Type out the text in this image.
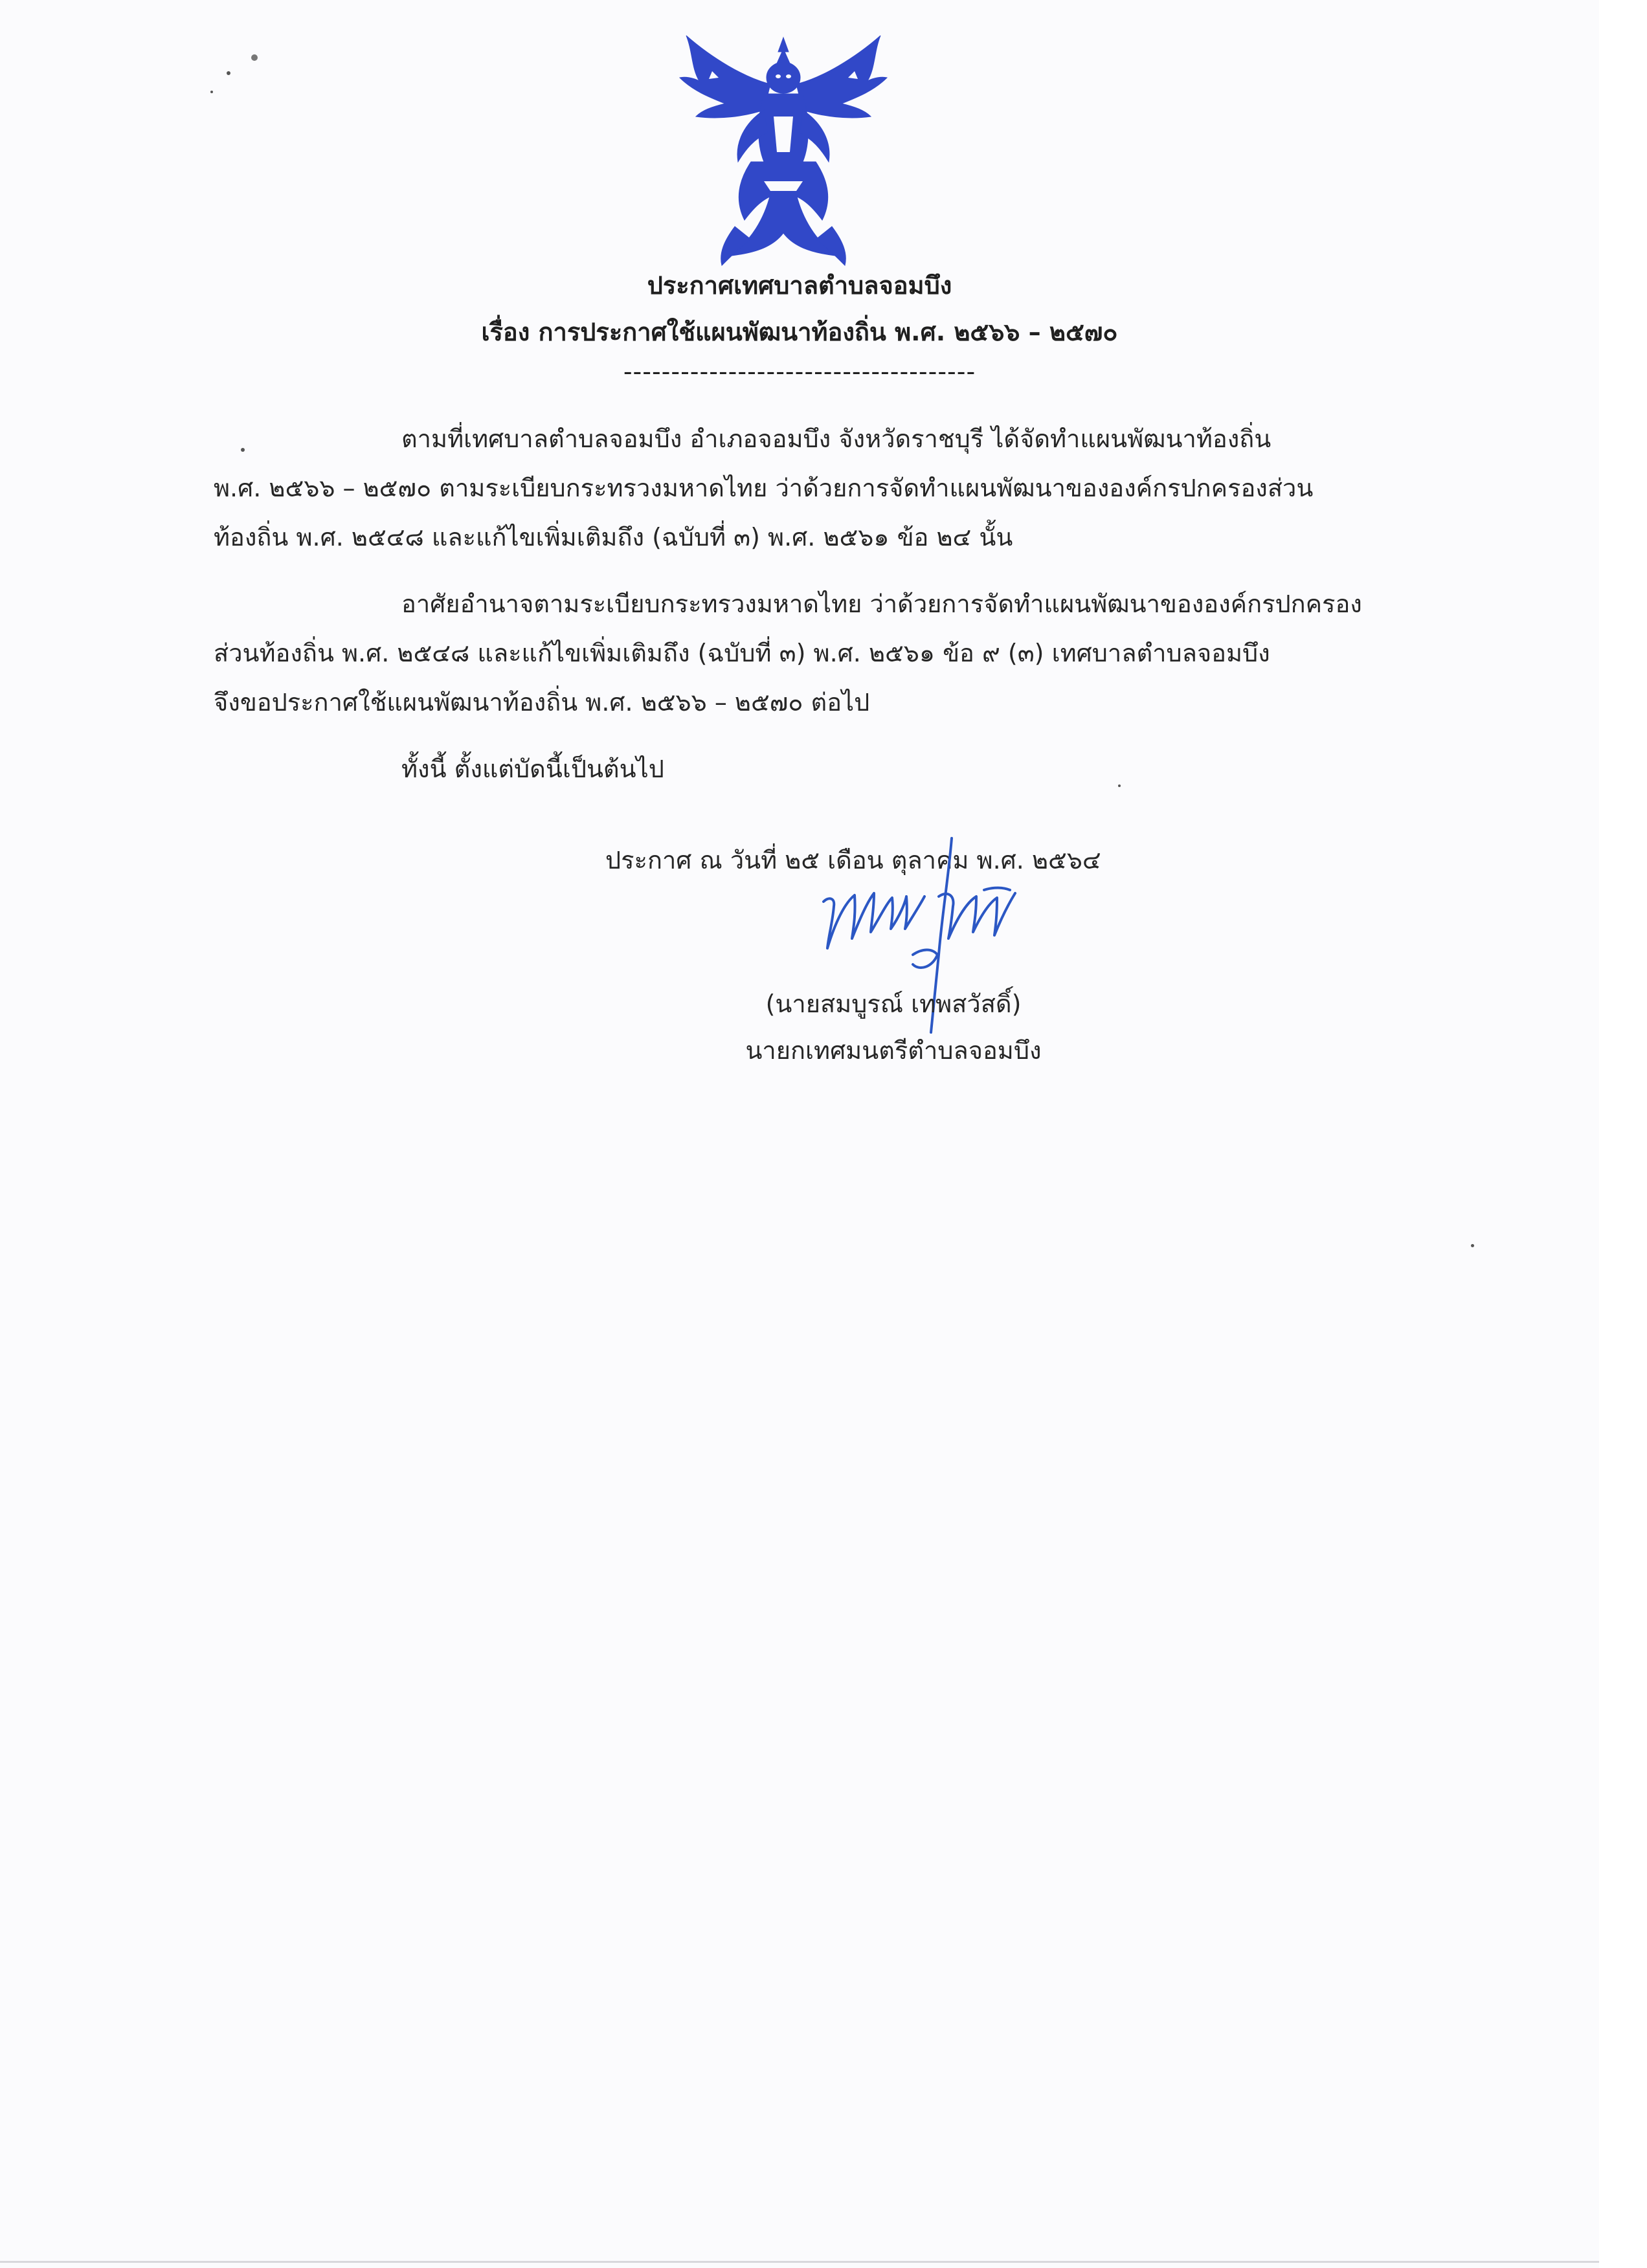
ประกาศเทศบาลตำบลจอมบึง
เรื่อง การประกาศใช้แผนพัฒนาท้องถิ่น พ.ศ. ๒๕๖๖ – ๒๕๗๐
-------------------------------------
ตามที่เทศบาลตำบลจอมบึง อำเภอจอมบึง จังหวัดราชบุรี ได้จัดทำแผนพัฒนาท้องถิ่น
พ.ศ. ๒๕๖๖ – ๒๕๗๐ ตามระเบียบกระทรวงมหาดไทย ว่าด้วยการจัดทำแผนพัฒนาขององค์กรปกครองส่วน
ท้องถิ่น พ.ศ. ๒๕๔๘ และแก้ไขเพิ่มเติมถึง (ฉบับที่ ๓) พ.ศ. ๒๕๖๑ ข้อ ๒๔ นั้น
อาศัยอำนาจตามระเบียบกระทรวงมหาดไทย ว่าด้วยการจัดทำแผนพัฒนาขององค์กรปกครอง
ส่วนท้องถิ่น พ.ศ. ๒๕๔๘ และแก้ไขเพิ่มเติมถึง (ฉบับที่ ๓) พ.ศ. ๒๕๖๑ ข้อ ๙ (๓) เทศบาลตำบลจอมบึง
จึงขอประกาศใช้แผนพัฒนาท้องถิ่น พ.ศ. ๒๕๖๖ – ๒๕๗๐ ต่อไป
ทั้งนี้ ตั้งแต่บัดนี้เป็นต้นไป
ประกาศ ณ วันที่ ๒๕ เดือน ตุลาคม พ.ศ. ๒๕๖๔
(นายสมบูรณ์ เทพสวัสดิ์)
นายกเทศมนตรีตำบลจอมบึง
